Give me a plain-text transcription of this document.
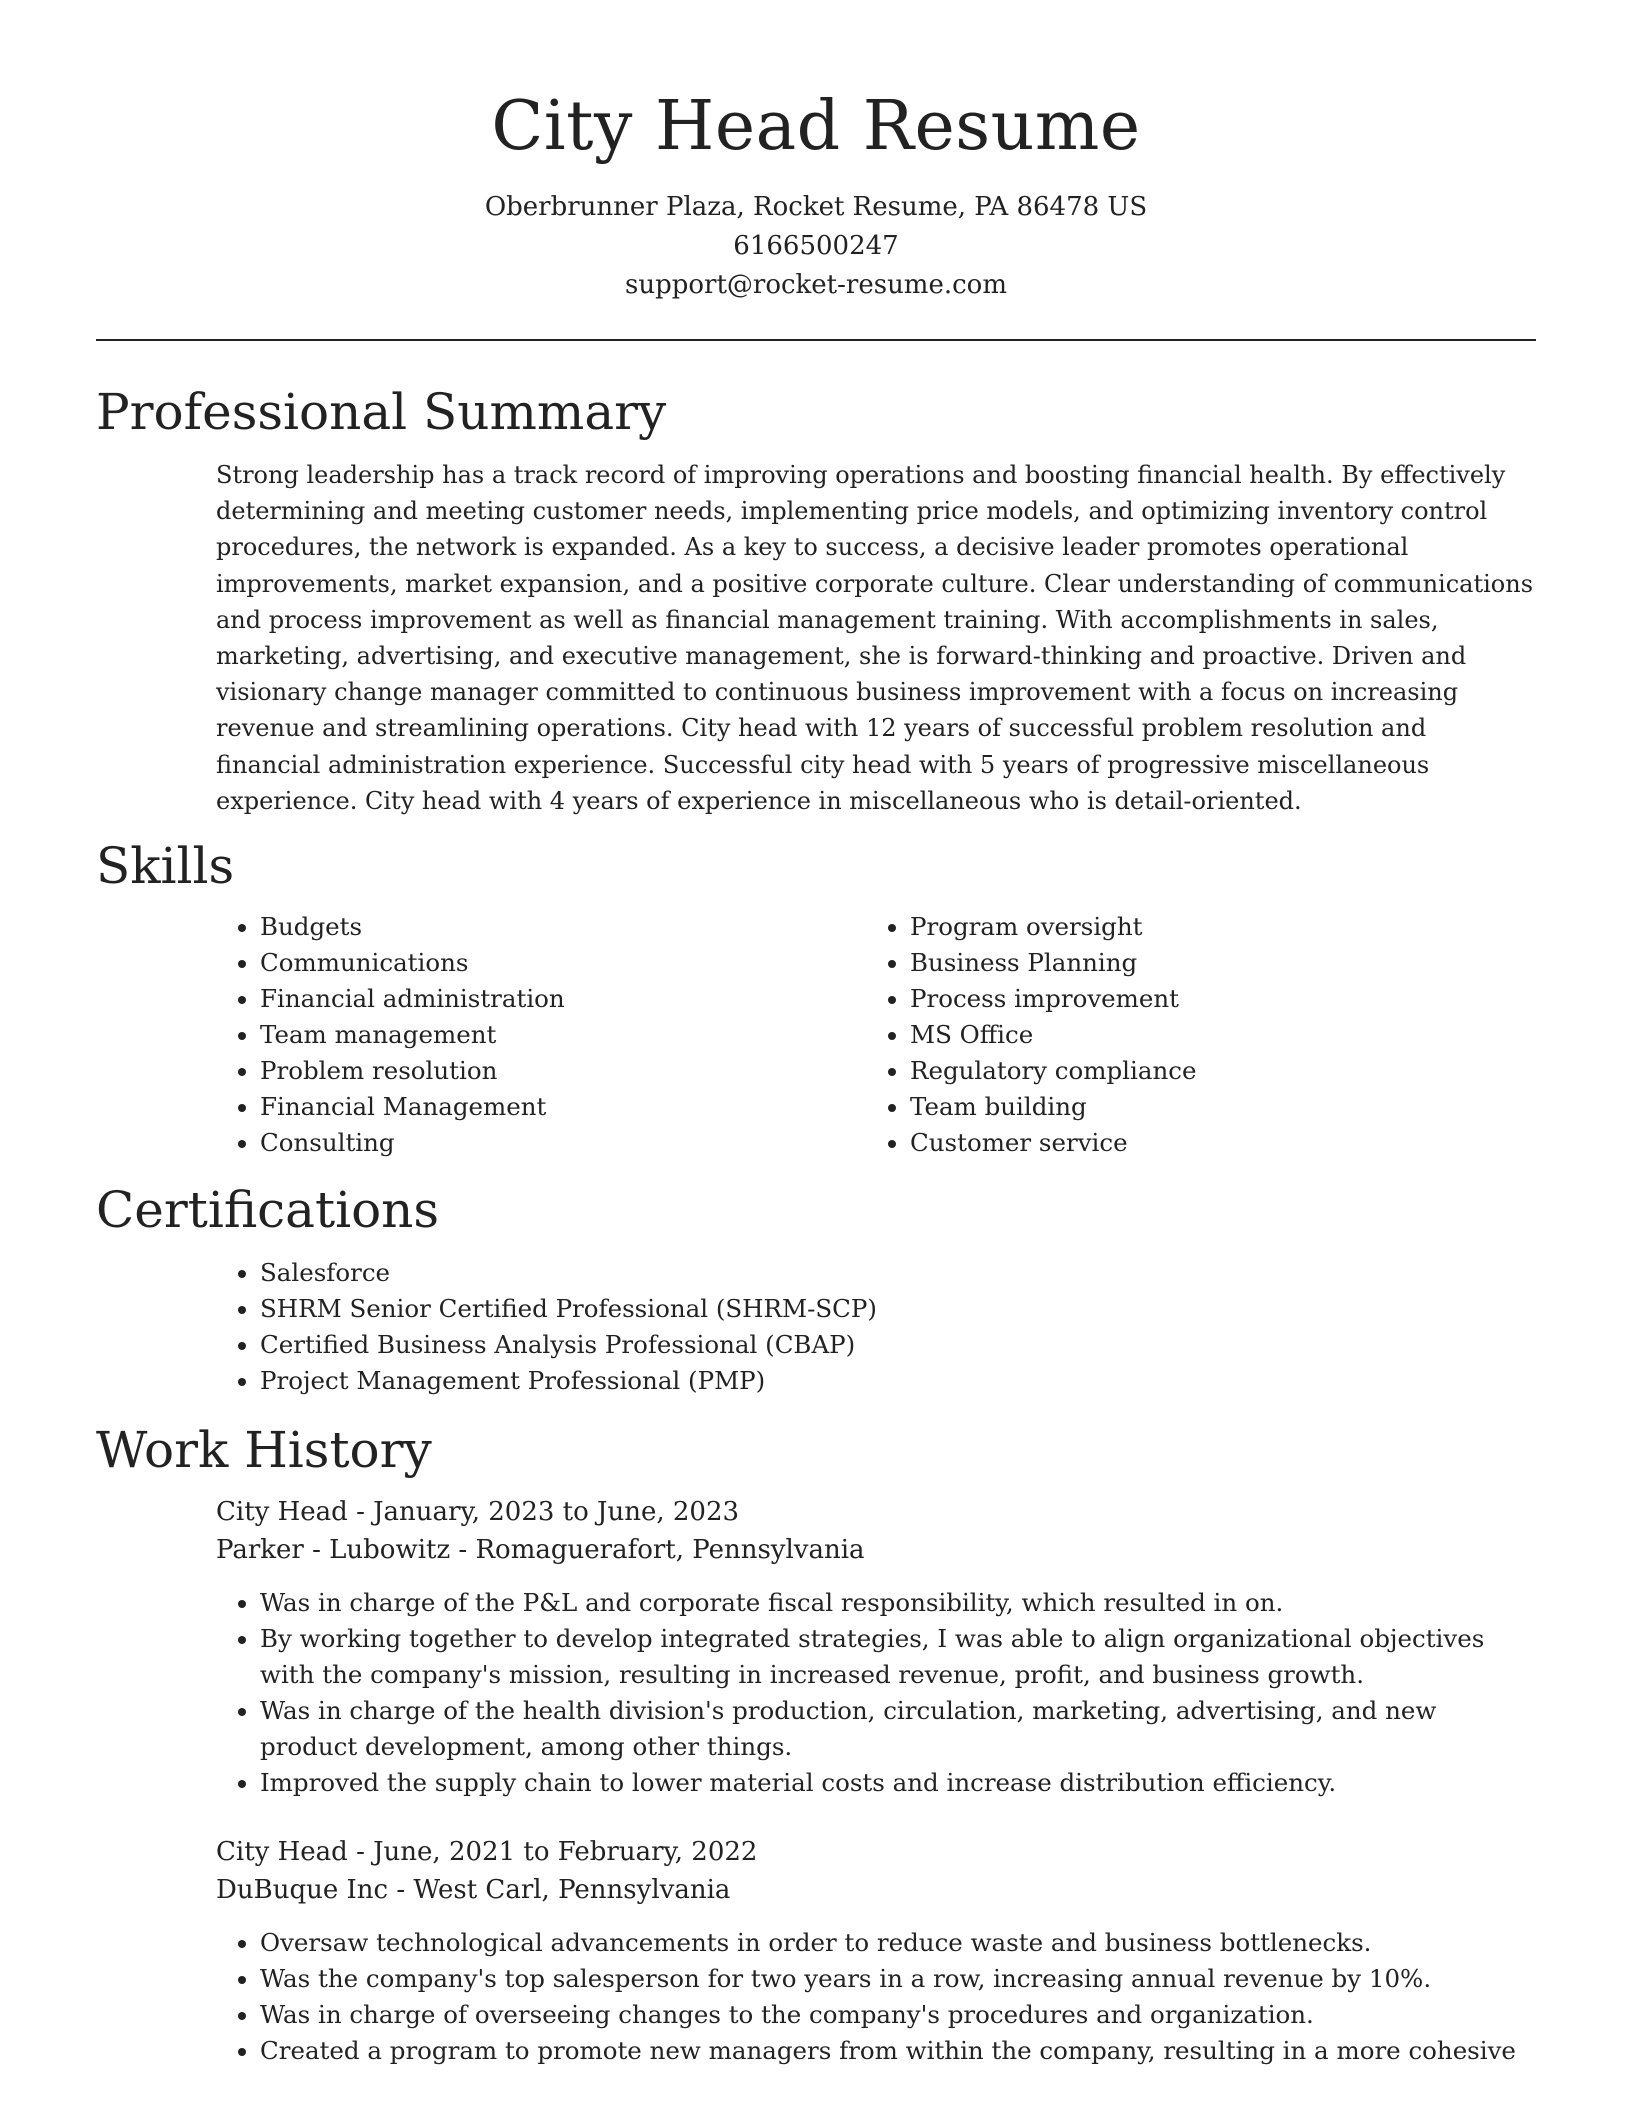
City Head Resume
Oberbrunner Plaza, Rocket Resume, PA 86478 US
6166500247
support@rocket-resume.com
Professional Summary

Strong leadership has a track record of improving operations and boosting financial health. By effectively determining and meeting customer needs, implementing price models, and optimizing inventory control procedures, the network is expanded. As a key to success, a decisive leader promotes operational improvements, market expansion, and a positive corporate culture. Clear understanding of communications and process improvement as well as financial management training. With accomplishments in sales, marketing, advertising, and executive management, she is forward-thinking and proactive. Driven and visionary change manager committed to continuous business improvement with a focus on increasing revenue and streamlining operations. City head with 12 years of successful problem resolution and financial administration experience. Successful city head with 5 years of progressive miscellaneous experience. City head with 4 years of experience in miscellaneous who is detail-oriented.

Skills
• Budgets
• Communications
• Financial administration
• Team management
• Problem resolution
• Financial Management
• Consulting
• Program oversight
• Business Planning
• Process improvement
• MS Office
• Regulatory compliance
• Team building
• Customer service
Certifications
• Salesforce
• SHRM Senior Certified Professional (SHRM-SCP)
• Certified Business Analysis Professional (CBAP)
• Project Management Professional (PMP)
Work History
City Head - January, 2023 to June, 2023
Parker - Lubowitz - Romaguerafort, Pennsylvania
• Was in charge of the P&L and corporate fiscal responsibility, which resulted in on.
• By working together to develop integrated strategies, I was able to align organizational objectives with the company's mission, resulting in increased revenue, profit, and business growth.
• Was in charge of the health division's production, circulation, marketing, advertising, and new product development, among other things.
• Improved the supply chain to lower material costs and increase distribution efficiency.
City Head - June, 2021 to February, 2022
DuBuque Inc - West Carl, Pennsylvania
• Oversaw technological advancements in order to reduce waste and business bottlenecks.
• Was the company's top salesperson for two years in a row, increasing annual revenue by 10%.
• Was in charge of overseeing changes to the company's procedures and organization.
• Created a program to promote new managers from within the company, resulting in a more cohesive
